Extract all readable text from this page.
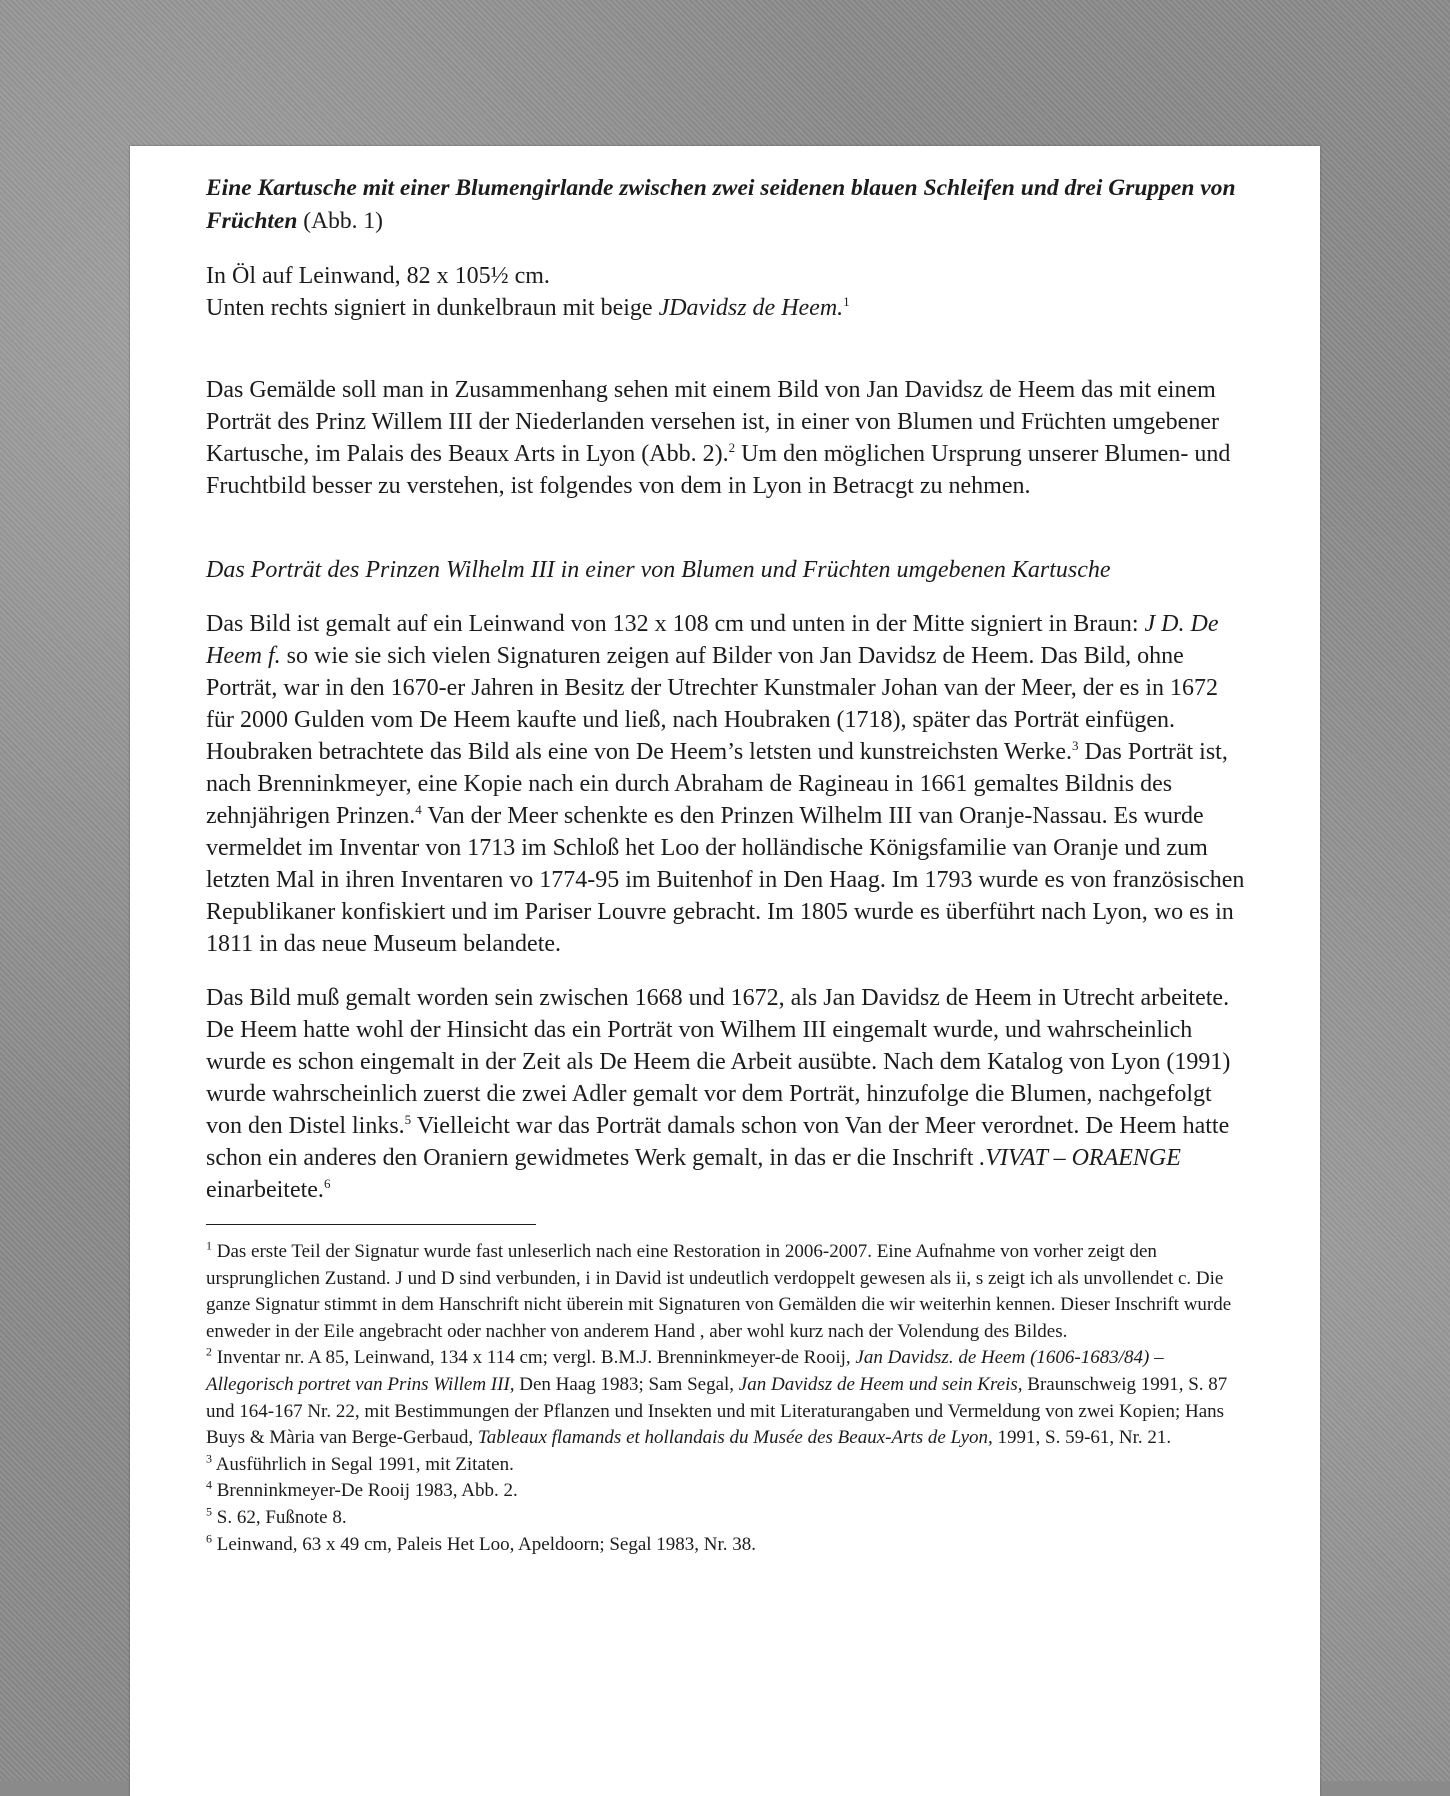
Eine Kartusche mit einer Blumengirlande zwischen zwei seidenen blauen Schleifen und drei Gruppen von Früchten (Abb. 1)

In Öl auf Leinwand, 82 x 105½ cm.

Unten rechts signiert in dunkelbraun mit beige JDavidsz de Heem.$^1$

Das Gemälde soll man in Zusammenhang sehen mit einem Bild von Jan Davidsz de Heem das mit einem Porträt des Prinz Willem III der Niederlanden versehen ist, in einer von Blumen und Früchten umgebener Kartusche, im Palais des Beaux Arts in Lyon (Abb. 2).$^2$ Um den möglichen Ursprung unserer Blumen- und Fruchtbild besser zu verstehen, ist folgendes von dem in Lyon in Betracgt zu nehmen.

Das Porträt des Prinzen Wilhelm III in einer von Blumen und Früchten umgebenen Kartusche

Das Bild ist gemalt auf ein Leinwand von 132 x 108 cm und unten in der Mitte signiert in Braun: J D. De Heem f. so wie sie sich vielen Signaturen zeigen auf Bilder von Jan Davidsz de Heem. Das Bild, ohne Porträt, war in den 1670-er Jahren in Besitz der Utrechter Kunstmaler Johan van der Meer, der es in 1672 für 2000 Gulden vom De Heem kaufte und ließ, nach Houbraken (1718), später das Porträt einfügen. Houbraken betrachtete das Bild als eine von De Heem’s letsten und kunstreichsten Werke.$^3$ Das Porträt ist, nach Brenninkmeyer, eine Kopie nach ein durch Abraham de Ragineau in 1661 gemaltes Bildnis des zehnjährigen Prinzen.$^4$ Van der Meer schenkte es den Prinzen Wilhelm III van Oranje-Nassau. Es wurde vermeldet im Inventar von 1713 im Schloß het Loo der holländische Königsfamilie van Oranje und zum letzten Mal in ihren Inventaren vo 1774-95 im Buitenhof in Den Haag. Im 1793 wurde es von französischen Republikaner konfiskiert und im Pariser Louvre gebracht. Im 1805 wurde es überführt nach Lyon, wo es in 1811 in das neue Museum belandete.

Das Bild muß gemalt worden sein zwischen 1668 und 1672, als Jan Davidsz de Heem in Utrecht arbeitete. De Heem hatte wohl der Hinsicht das ein Porträt von Wilhem III eingemalt wurde, und wahrscheinlich wurde es schon eingemalt in der Zeit als De Heem die Arbeit ausübte. Nach dem Katalog von Lyon (1991) wurde wahrscheinlich zuerst die zwei Adler gemalt vor dem Porträt, hinzufolge die Blumen, nachgefolgt von den Distel links.$^5$ Vielleicht war das Porträt damals schon von Van der Meer verordnet. De Heem hatte schon ein anderes den Oraniern gewidmetes Werk gemalt, in das er die Inschrift .VIVAT – ORAENGE einarbeitete.$^6$

$^1$ Das erste Teil der Signatur wurde fast unleserlich nach eine Restoration in 2006-2007. Eine Aufnahme von vorher zeigt den ursprunglichen Zustand. J und D sind verbunden, i in David ist undeutlich verdoppelt gewesen als ii, s zeigt ich als unvollendet c. Die ganze Signatur stimmt in dem Hanschrift nicht überein mit Signaturen von Gemälden die wir weiterhin kennen. Dieser Inschrift wurde enweder in der Eile angebracht oder nachher von anderem Hand , aber wohl kurz nach der Volendung des Bildes.

$^2$ Inventar nr. A 85, Leinwand, 134 x 114 cm; vergl. B.M.J. Brenninkmeyer-de Rooij, Jan Davidsz. de Heem (1606-1683/84) – Allegorisch portret van Prins Willem III, Den Haag 1983; Sam Segal, Jan Davidsz de Heem und sein Kreis, Braunschweig 1991, S. 87 und 164-167 Nr. 22, mit Bestimmungen der Pflanzen und Insekten und mit Literaturangaben und Vermeldung von zwei Kopien; Hans Buys & Mària van Berge-Gerbaud, Tableaux flamands et hollandais du Musée des Beaux-Arts de Lyon, 1991, S. 59-61, Nr. 21.

$^3$ Ausführlich in Segal 1991, mit Zitaten.

$^4$ Brenninkmeyer-De Rooij 1983, Abb. 2.

$^5$ S. 62, Fußnote 8.

$^6$ Leinwand, 63 x 49 cm, Paleis Het Loo, Apeldoorn; Segal 1983, Nr. 38.
